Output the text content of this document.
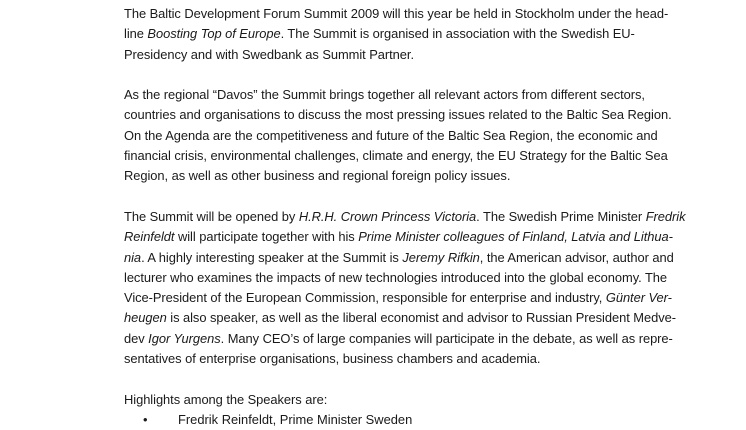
The Baltic Development Forum Summit 2009 will this year be held in Stockholm under the head-
line Boosting Top of Europe. The Summit is organised in association with the Swedish EU-
Presidency and with Swedbank as Summit Partner.
As the regional “Davos” the Summit brings together all relevant actors from different sectors,
countries and organisations to discuss the most pressing issues related to the Baltic Sea Region.
On the Agenda are the competitiveness and future of the Baltic Sea Region, the economic and
financial crisis, environmental challenges, climate and energy, the EU Strategy for the Baltic Sea
Region, as well as other business and regional foreign policy issues.
The Summit will be opened by H.R.H. Crown Princess Victoria. The Swedish Prime Minister Fredrik
Reinfeldt will participate together with his Prime Minister colleagues of Finland, Latvia and Lithua-
nia. A highly interesting speaker at the Summit is Jeremy Rifkin, the American advisor, author and
lecturer who examines the impacts of new technologies introduced into the global economy. The
Vice-President of the European Commission, responsible for enterprise and industry, Günter Ver-
heugen is also speaker, as well as the liberal economist and advisor to Russian President Medve-
dev Igor Yurgens. Many CEO’s of large companies will participate in the debate, as well as repre-
sentatives of enterprise organisations, business chambers and academia.
Highlights among the Speakers are:
• Fredrik Reinfeldt, Prime Minister Sweden
